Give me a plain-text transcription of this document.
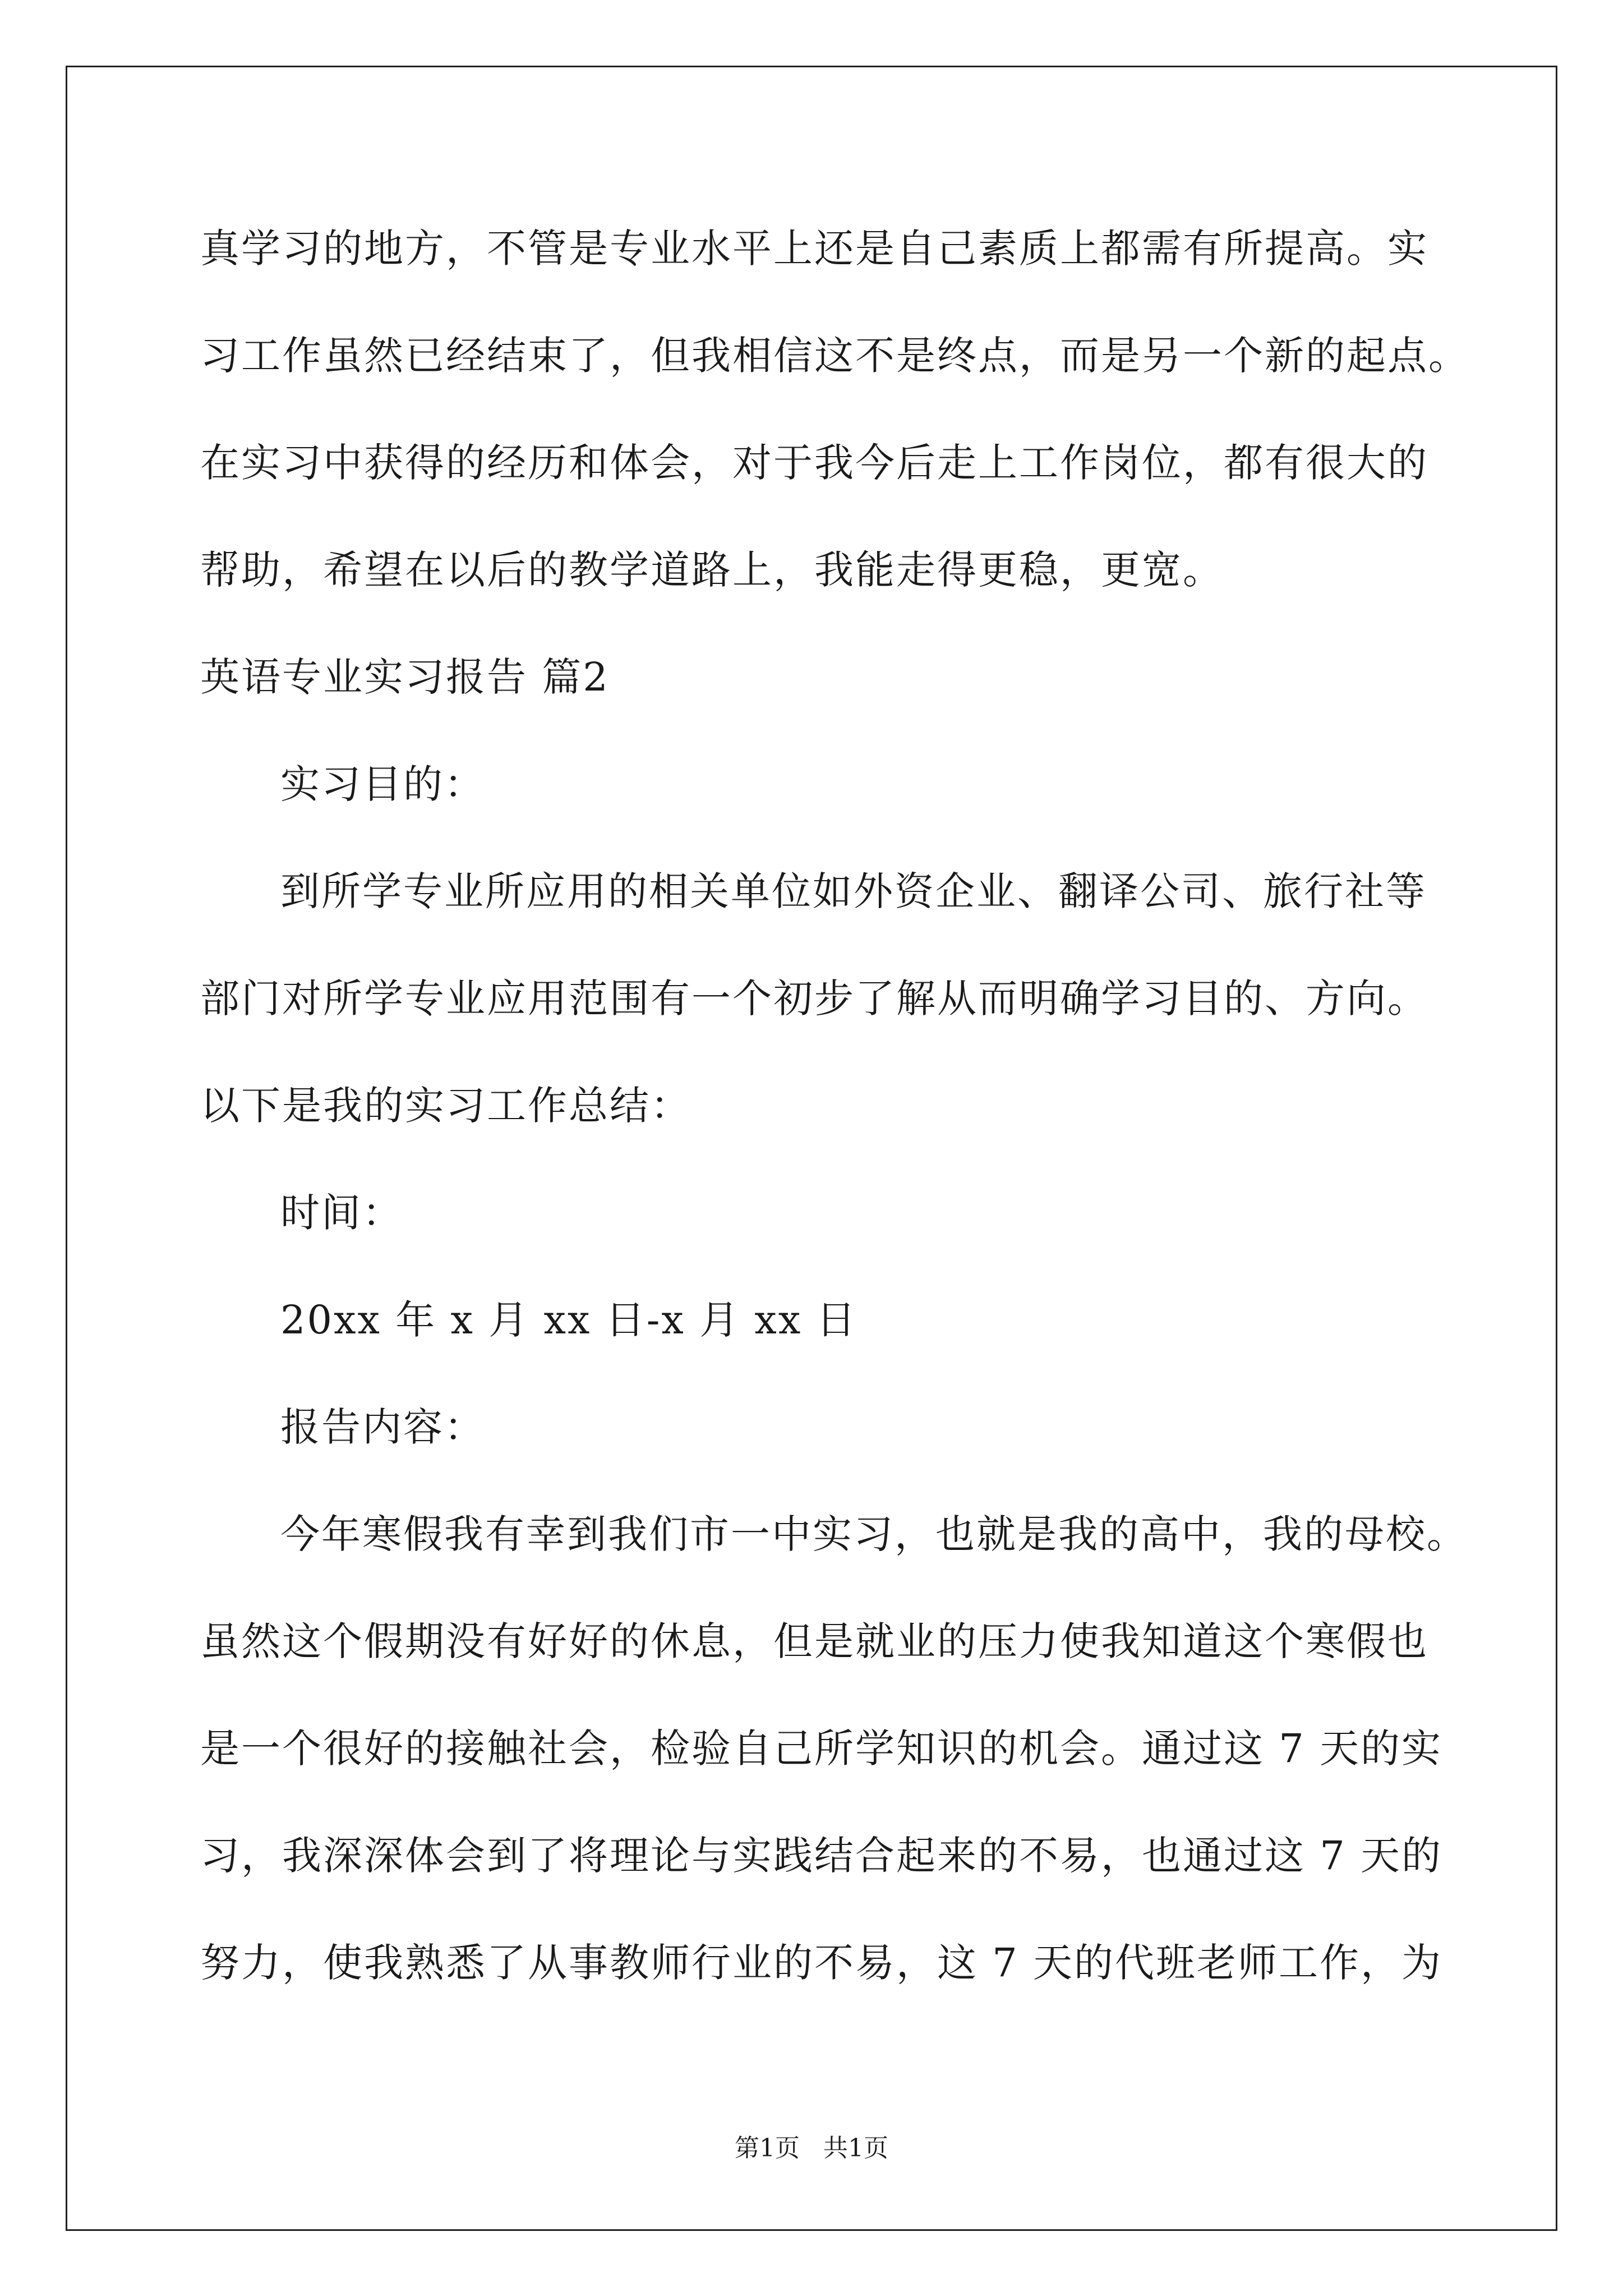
真学习的地方，不管是专业水平上还是自己素质上都需有所提高。实
习工作虽然已经结束了，但我相信这不是终点，而是另一个新的起点。
在实习中获得的经历和体会，对于我今后走上工作岗位，都有很大的
帮助，希望在以后的教学道路上，我能走得更稳，更宽。
英语专业实习报告 篇2
实习目的：
到所学专业所应用的相关单位如外资企业、翻译公司、旅行社等
部门对所学专业应用范围有一个初步了解从而明确学习目的、方向。
以下是我的实习工作总结：
时间：
20xx 年 x 月 xx 日-x 月 xx 日
报告内容：
今年寒假我有幸到我们市一中实习，也就是我的高中，我的母校。
虽然这个假期没有好好的休息，但是就业的压力使我知道这个寒假也
是一个很好的接触社会，检验自己所学知识的机会。通过这 7 天的实
习，我深深体会到了将理论与实践结合起来的不易，也通过这 7 天的
努力，使我熟悉了从事教师行业的不易，这 7 天的代班老师工作，为
第1页   共1页
